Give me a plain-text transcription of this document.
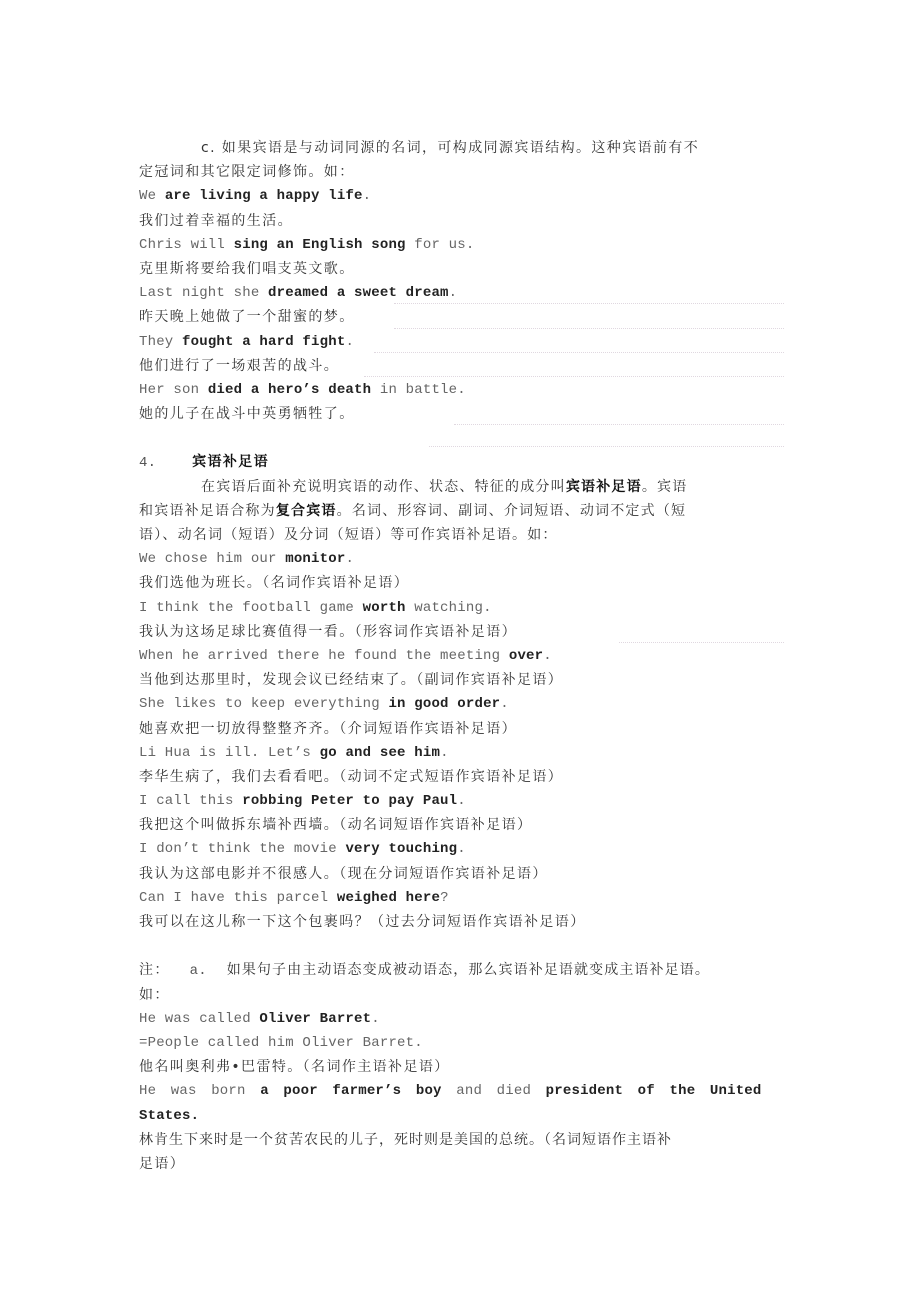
c. 如果宾语是与动词同源的名词，可构成同源宾语结构。这种宾语前有不
定冠词和其它限定词修饰。如：
We are living a happy life.
我们过着幸福的生活。
Chris will sing an English song for us.
克里斯将要给我们唱支英文歌。
Last night she dreamed a sweet dream.
昨天晚上她做了一个甜蜜的梦。
They fought a hard fight.
他们进行了一场艰苦的战斗。
Her son died a hero’s death in battle.
她的儿子在战斗中英勇牺牲了。
4.	宾语补足语
在宾语后面补充说明宾语的动作、状态、特征的成分叫宾语补足语。宾语
和宾语补足语合称为复合宾语。名词、形容词、副词、介词短语、动词不定式（短
语）、动名词（短语）及分词（短语）等可作宾语补足语。如：
We chose him our monitor.
我们选他为班长。（名词作宾语补足语）
I think the football game worth watching.
我认为这场足球比赛值得一看。（形容词作宾语补足语）
When he arrived there he found the meeting over.
当他到达那里时，发现会议已经结束了。（副词作宾语补足语）
She likes to keep everything in good order.
她喜欢把一切放得整整齐齐。（介词短语作宾语补足语）
Li Hua is ill. Let’s go and see him.
李华生病了，我们去看看吧。（动词不定式短语作宾语补足语）
I call this robbing Peter to pay Paul.
我把这个叫做拆东墙补西墙。（动名词短语作宾语补足语）
I don’t think the movie very touching.
我认为这部电影并不很感人。（现在分词短语作宾语补足语）
Can I have this parcel weighed here?
我可以在这儿称一下这个包裹吗？（过去分词短语作宾语补足语）
注： a. 如果句子由主动语态变成被动语态，那么宾语补足语就变成主语补足语。
如：
He was called Oliver Barret.
=People called him Oliver Barret.
他名叫奥利弗•巴雷特。（名词作主语补足语）
He was born a poor farmer’s boy and died president of the United
States.
林肯生下来时是一个贫苦农民的儿子，死时则是美国的总统。（名词短语作主语补
足语）
